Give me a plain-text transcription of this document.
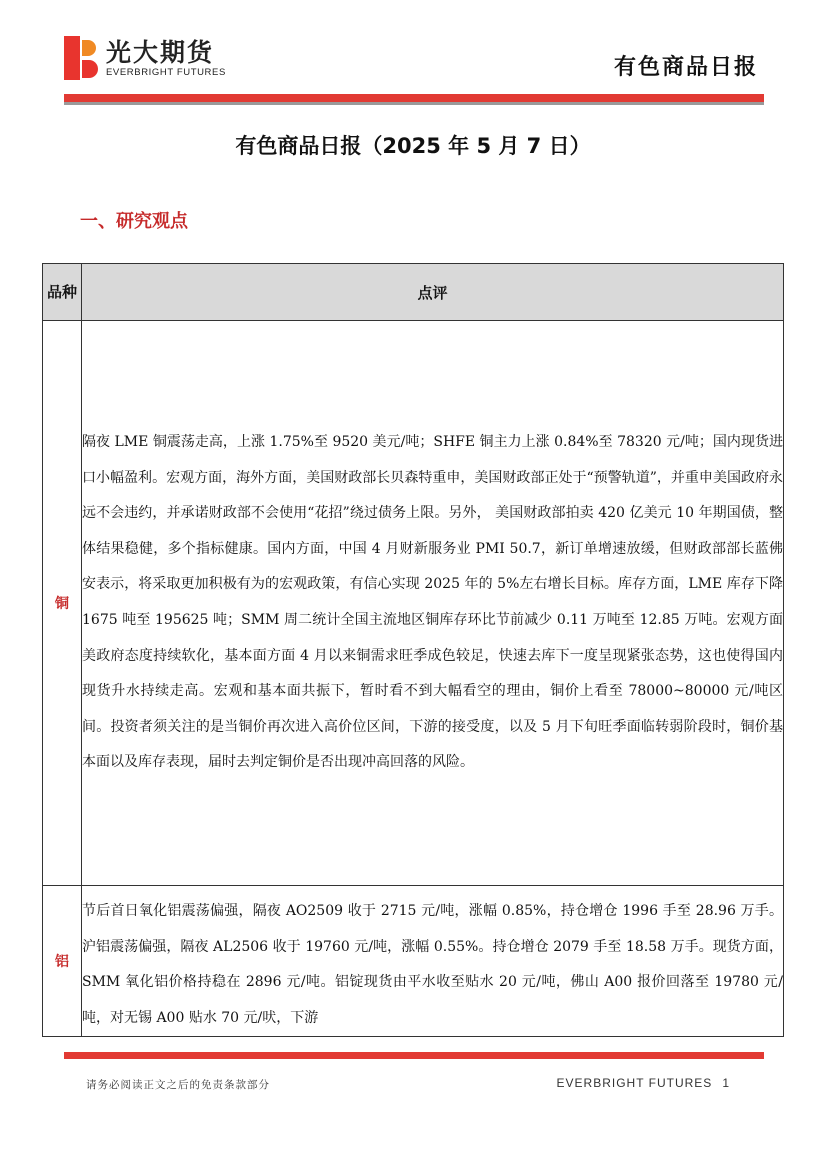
光大期货
EVERBRIGHT FUTURES	有色商品日报
有色商品日报（2025 年 5 月 7 日）
一、研究观点
品种	点评
铜	隔夜 LME 铜震荡走高，上涨 1.75%至 9520 美元/吨；SHFE 铜主力上涨 0.84%至 78320 元/吨；国内现货进口小幅盈利。宏观方面，海外方面，美国财政部长贝森特重申，美国财政部正处于“预警轨道”，并重申美国政府永远不会违约，并承诺财政部不会使用“花招”绕过债务上限。另外， 美国财政部拍卖 420 亿美元 10 年期国债，整体结果稳健，多个指标健康。国内方面，中国 4 月财新服务业 PMI 50.7，新订单增速放缓，但财政部部长蓝佛安表示，将采取更加积极有为的宏观政策，有信心实现 2025 年的 5%左右增长目标。库存方面，LME 库存下降 1675 吨至 195625 吨；SMM 周二统计全国主流地区铜库存环比节前减少 0.11 万吨至 12.85 万吨。宏观方面美政府态度持续软化，基本面方面 4 月以来铜需求旺季成色较足，快速去库下一度呈现紧张态势，这也使得国内现货升水持续走高。宏观和基本面共振下，暂时看不到大幅看空的理由，铜价上看至 78000~80000 元/吨区间。投资者须关注的是当铜价再次进入高价位区间，下游的接受度，以及 5 月下旬旺季面临转弱阶段时，铜价基本面以及库存表现，届时去判定铜价是否出现冲高回落的风险。
铝	节后首日氧化铝震荡偏强，隔夜 AO2509 收于 2715 元/吨，涨幅 0.85%，持仓增仓 1996 手至 28.96 万手。沪铝震荡偏强，隔夜 AL2506 收于 19760 元/吨，涨幅 0.55%。持仓增仓 2079 手至 18.58 万手。现货方面，SMM 氧化铝价格持稳在 2896 元/吨。铝锭现货由平水收至贴水 20 元/吨，佛山 A00 报价回落至 19780 元/吨，对无锡 A00 贴水 70 元/吠，下游
请务必阅读正文之后的免责条款部分	EVERBRIGHT FUTURES 1
